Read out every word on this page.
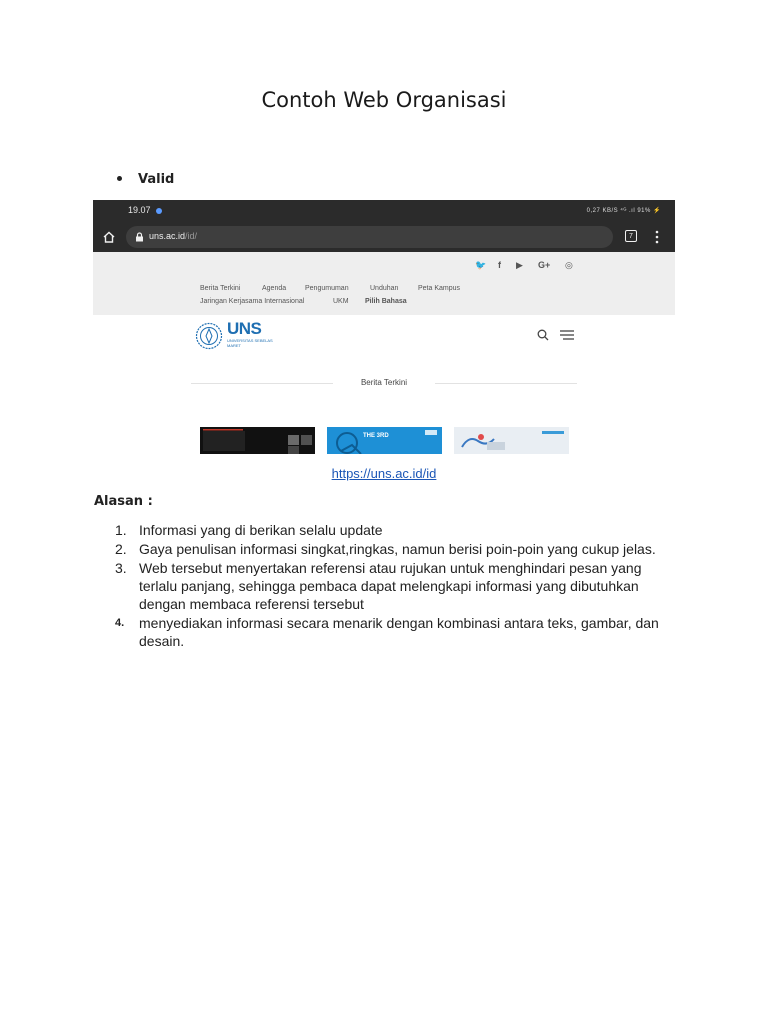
Contoh Web Organisasi
Valid
19.07	0,27 KB/S ⁴ᴳ .ıl 91% ⚡
uns.ac.id/id/	7
🐦 f ▶ G+ ◎
Berita Terkini	Agenda	Pengumuman	Unduhan	Peta Kampus
Jaringan Kerjasama Internasional	UKM Pilih Bahasa
UNS
UNIVERSITAS SEBELAS MARET
Berita Terkini
THE 3RD
https://uns.ac.id/id
Alasan :
1. Informasi yang di berikan selalu update
2. Gaya penulisan informasi singkat,ringkas, namun berisi poin-poin yang cukup jelas.
3. Web tersebut menyertakan referensi atau rujukan untuk menghindari pesan yang terlalu panjang, sehingga pembaca dapat melengkapi informasi yang dibutuhkan dengan membaca referensi tersebut
4. menyediakan informasi secara menarik dengan kombinasi antara teks, gambar, dan desain.
